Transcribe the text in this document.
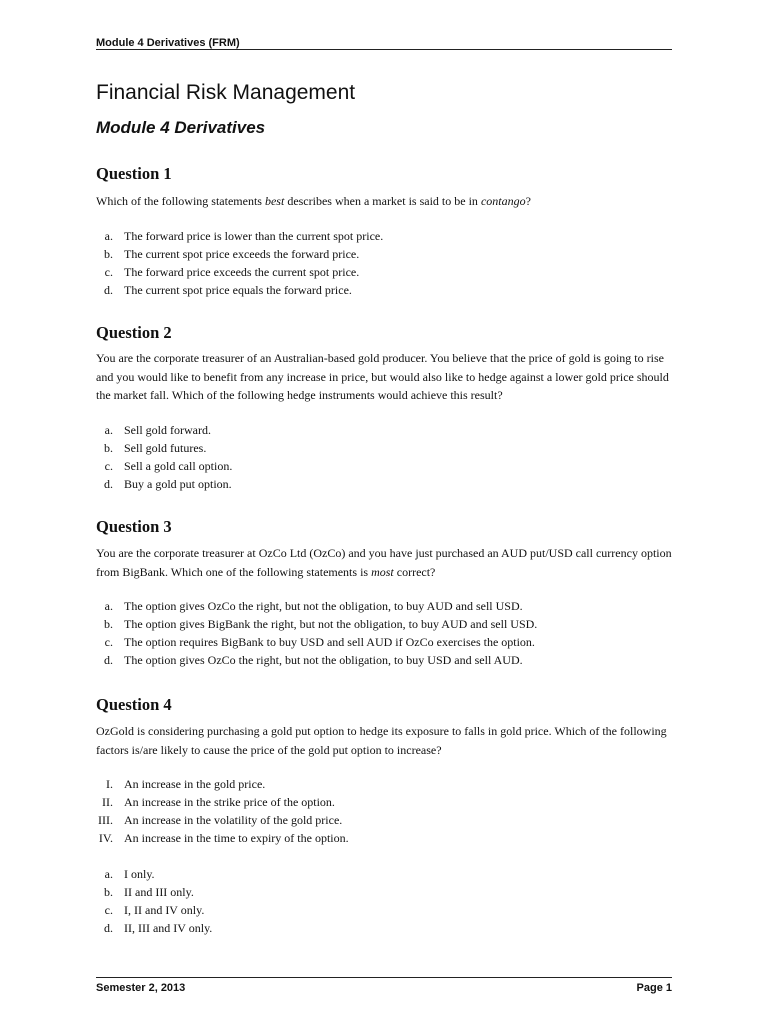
Module 4 Derivatives (FRM)
Financial Risk Management
Module 4 Derivatives
Question 1

Which of the following statements best describes when a market is said to be in contango?

a. The forward price is lower than the current spot price.
b. The current spot price exceeds the forward price.
c. The forward price exceeds the current spot price.
d. The current spot price equals the forward price.
Question 2

You are the corporate treasurer of an Australian-based gold producer. You believe that the price of gold is going to rise and you would like to benefit from any increase in price, but would also like to hedge against a lower gold price should the market fall. Which of the following hedge instruments would achieve this result?

a. Sell gold forward.
b. Sell gold futures.
c. Sell a gold call option.
d. Buy a gold put option.
Question 3

You are the corporate treasurer at OzCo Ltd (OzCo) and you have just purchased an AUD put/USD call currency option from BigBank. Which one of the following statements is most correct?

a. The option gives OzCo the right, but not the obligation, to buy AUD and sell USD.
b. The option gives BigBank the right, but not the obligation, to buy AUD and sell USD.
c. The option requires BigBank to buy USD and sell AUD if OzCo exercises the option.
d. The option gives OzCo the right, but not the obligation, to buy USD and sell AUD.
Question 4

OzGold is considering purchasing a gold put option to hedge its exposure to falls in gold price. Which of the following factors is/are likely to cause the price of the gold put option to increase?

I. An increase in the gold price.
II. An increase in the strike price of the option.
III. An increase in the volatility of the gold price.
IV. An increase in the time to expiry of the option.
a. I only.
b. II and III only.
c. I, II and IV only.
d. II, III and IV only.
Semester 2, 2013	Page 1
